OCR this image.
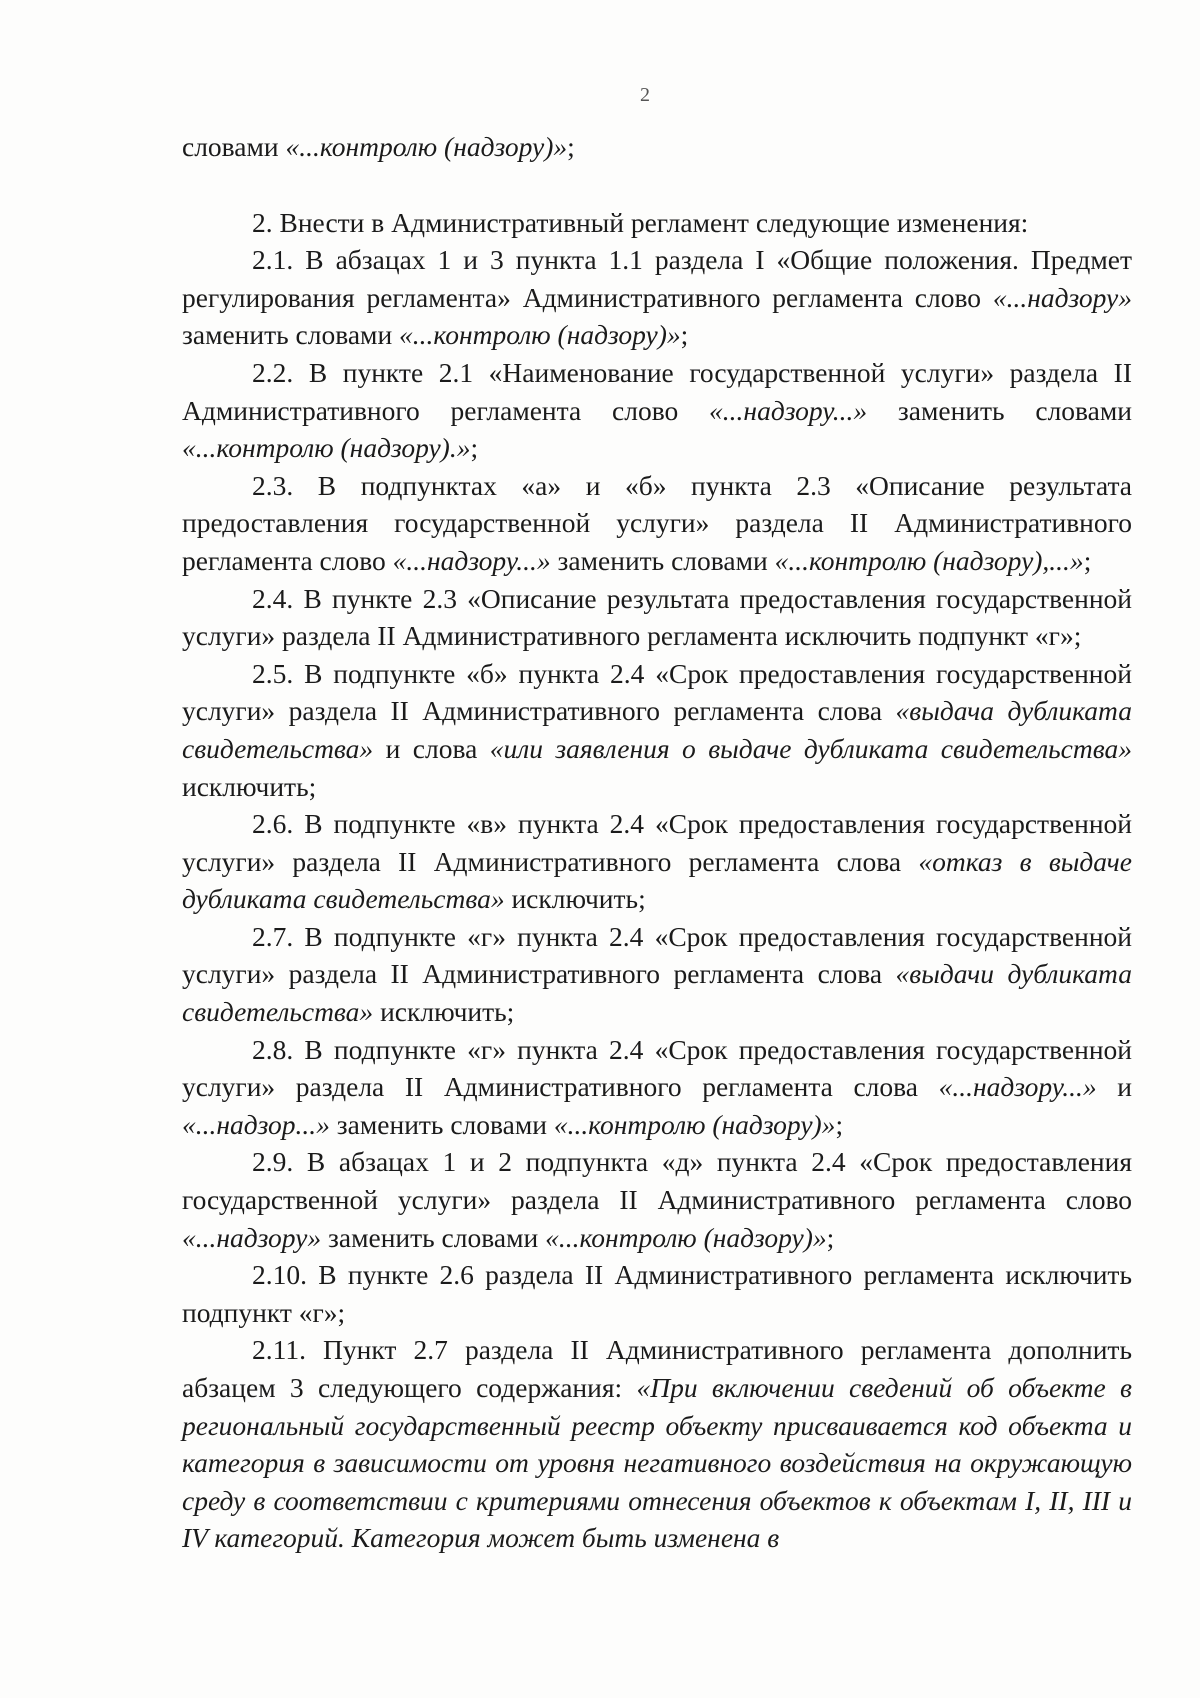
2

словами «...контролю (надзору)»;

2. Внести в Административный регламент следующие изменения:

2.1. В абзацах 1 и 3 пункта 1.1 раздела I «Общие положения. Предмет регулирования регламента» Административного регламента слово «...надзору» заменить словами «...контролю (надзору)»;

2.2. В пункте 2.1 «Наименование государственной услуги» раздела II Административного регламента слово «...надзору...» заменить словами «...контролю (надзору).»;

2.3. В подпунктах «а» и «б» пункта 2.3 «Описание результата предоставления государственной услуги» раздела II Административного регламента слово «...надзору...» заменить словами «...контролю (надзору),...»;

2.4. В пункте 2.3 «Описание результата предоставления государственной услуги» раздела II Административного регламента исключить подпункт «г»;

2.5. В подпункте «б» пункта 2.4 «Срок предоставления государственной услуги» раздела II Административного регламента слова «выдача дубликата свидетельства» и слова «или заявления о выдаче дубликата свидетельства» исключить;

2.6. В подпункте «в» пункта 2.4 «Срок предоставления государственной услуги» раздела II Административного регламента слова «отказ в выдаче дубликата свидетельства» исключить;

2.7. В подпункте «г» пункта 2.4 «Срок предоставления государственной услуги» раздела II Административного регламента слова «выдачи дубликата свидетельства» исключить;

2.8. В подпункте «г» пункта 2.4 «Срок предоставления государственной услуги» раздела II Административного регламента слова «...надзору...» и «...надзор...» заменить словами «...контролю (надзору)»;

2.9. В абзацах 1 и 2 подпункта «д» пункта 2.4 «Срок предоставления государственной услуги» раздела II Административного регламента слово «...надзору» заменить словами «...контролю (надзору)»;

2.10. В пункте 2.6 раздела II Административного регламента исключить подпункт «г»;

2.11. Пункт 2.7 раздела II Административного регламента дополнить абзацем 3 следующего содержания: «При включении сведений об объекте в региональный государственный реестр объекту присваивается код объекта и категория в зависимости от уровня негативного воздействия на окружающую среду в соответствии с критериями отнесения объектов к объектам I, II, III и IV категорий. Категория может быть изменена в
